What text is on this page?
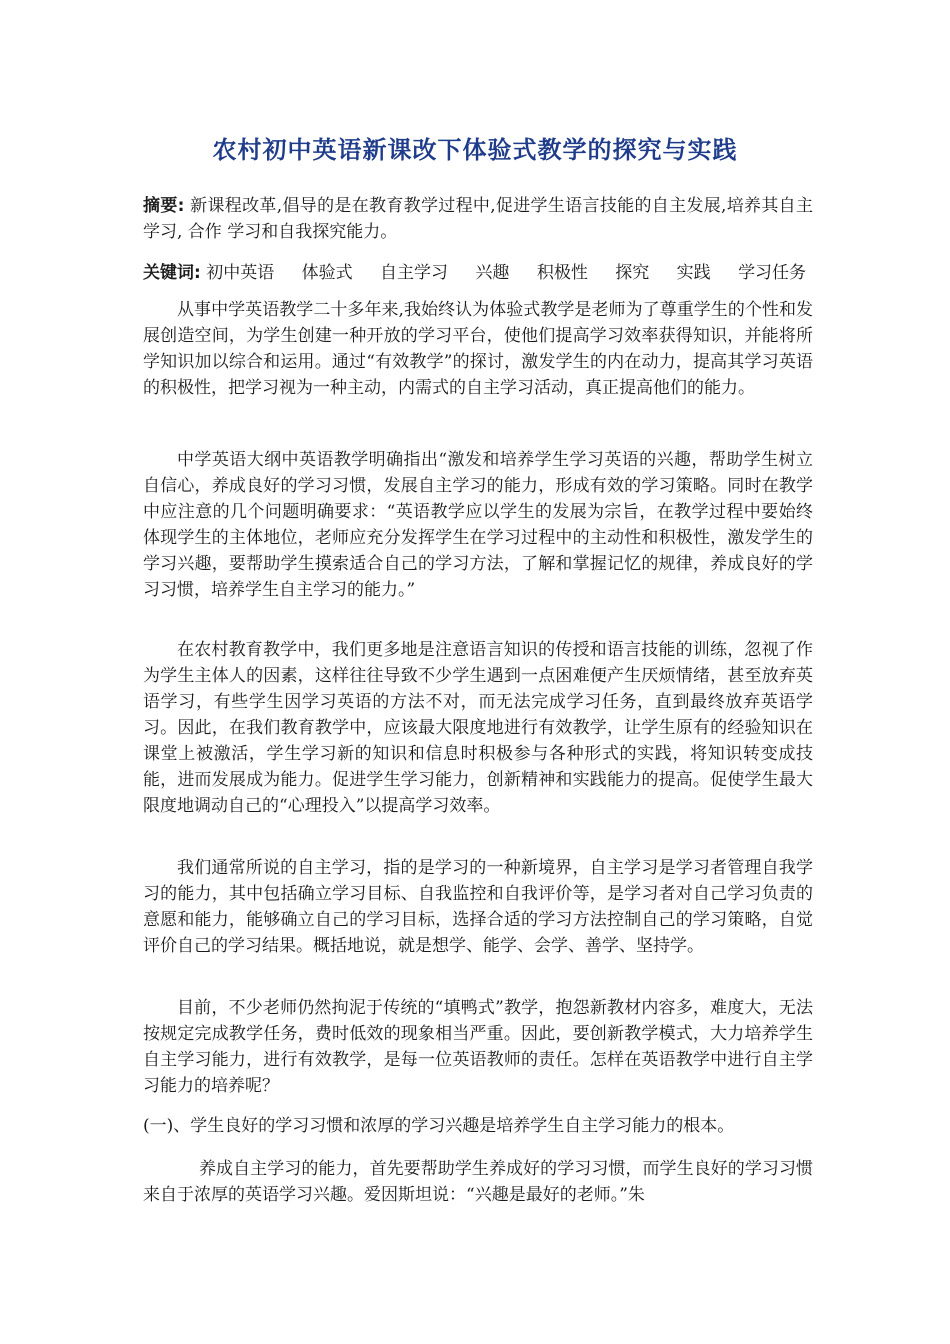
农村初中英语新课改下体验式教学的探究与实践

摘要: 新课程改革,倡导的是在教育教学过程中,促进学生语言技能的自主发展,培养其自主学习, 合作 学习和自我探究能力。

关键词: 初中英语 体验式 自主学习 兴趣 积极性 探究 实践 学习任务

从事中学英语教学二十多年来,我始终认为体验式教学是老师为了尊重学生的个性和发展创造空间，为学生创建一种开放的学习平台，使他们提高学习效率获得知识，并能将所学知识加以综合和运用。通过“有效教学”的探讨，激发学生的内在动力，提高其学习英语的积极性，把学习视为一种主动，内需式的自主学习活动，真正提高他们的能力。

中学英语大纲中英语教学明确指出“激发和培养学生学习英语的兴趣，帮助学生树立自信心，养成良好的学习习惯，发展自主学习的能力，形成有效的学习策略。同时在教学中应注意的几个问题明确要求：“英语教学应以学生的发展为宗旨，在教学过程中要始终体现学生的主体地位，老师应充分发挥学生在学习过程中的主动性和积极性，激发学生的学习兴趣，要帮助学生摸索适合自己的学习方法，了解和掌握记忆的规律，养成良好的学习习惯，培养学生自主学习的能力。”

在农村教育教学中，我们更多地是注意语言知识的传授和语言技能的训练，忽视了作为学生主体人的因素，这样往往导致不少学生遇到一点困难便产生厌烦情绪，甚至放弃英语学习，有些学生因学习英语的方法不对，而无法完成学习任务，直到最终放弃英语学习。因此，在我们教育教学中，应该最大限度地进行有效教学，让学生原有的经验知识在课堂上被激活，学生学习新的知识和信息时积极参与各种形式的实践，将知识转变成技能，进而发展成为能力。促进学生学习能力，创新精神和实践能力的提高。促使学生最大限度地调动自己的“心理投入”以提高学习效率。

我们通常所说的自主学习，指的是学习的一种新境界，自主学习是学习者管理自我学习的能力，其中包括确立学习目标、自我监控和自我评价等，是学习者对自己学习负责的意愿和能力，能够确立自己的学习目标，选择合适的学习方法控制自己的学习策略，自觉评价自己的学习结果。概括地说，就是想学、能学、会学、善学、坚持学。

目前，不少老师仍然拘泥于传统的“填鸭式”教学，抱怨新教材内容多，难度大，无法按规定完成教学任务，费时低效的现象相当严重。因此，要创新教学模式，大力培养学生自主学习能力，进行有效教学，是每一位英语教师的责任。怎样在英语教学中进行自主学习能力的培养呢？

(一)、学生良好的学习习惯和浓厚的学习兴趣是培养学生自主学习能力的根本。

养成自主学习的能力，首先要帮助学生养成好的学习习惯，而学生良好的学习习惯来自于浓厚的英语学习兴趣。爱因斯坦说：“兴趣是最好的老师。”朱
